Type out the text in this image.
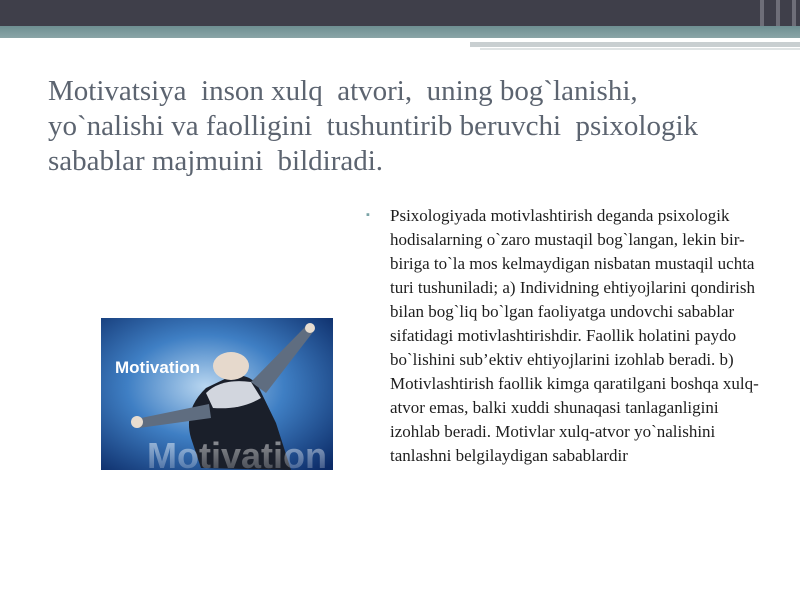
Motivatsiya  inson xulq  atvori,  uning bog`lanishi,
yo`nalishi va faolligini  tushuntirib beruvchi  psixologik
sabablar majmuini  bildiradi.
Motivation
Motivation
▪ Psixologiyada motivlashtirish deganda psixologik hodisalarning o`zaro mustaqil bog`langan, lekin bir-biriga to`la mos kelmaydigan nisbatan mustaqil uchta turi tushuniladi; a) Individning ehtiyojlarini qondirish bilan bog`liq bo`lgan faoliyatga undovchi sabablar sifatidagi motivlashtirishdir. Faollik holatini paydo bo`lishini sub’ektiv ehtiyojlarini izohlab beradi. b) Motivlashtirish faollik kimga qaratilgani boshqa xulq-atvor emas, balki xuddi shunaqasi tanlaganligini izohlab beradi. Motivlar xulq-atvor yo`nalishini tanlashni belgilaydigan sabablardir
